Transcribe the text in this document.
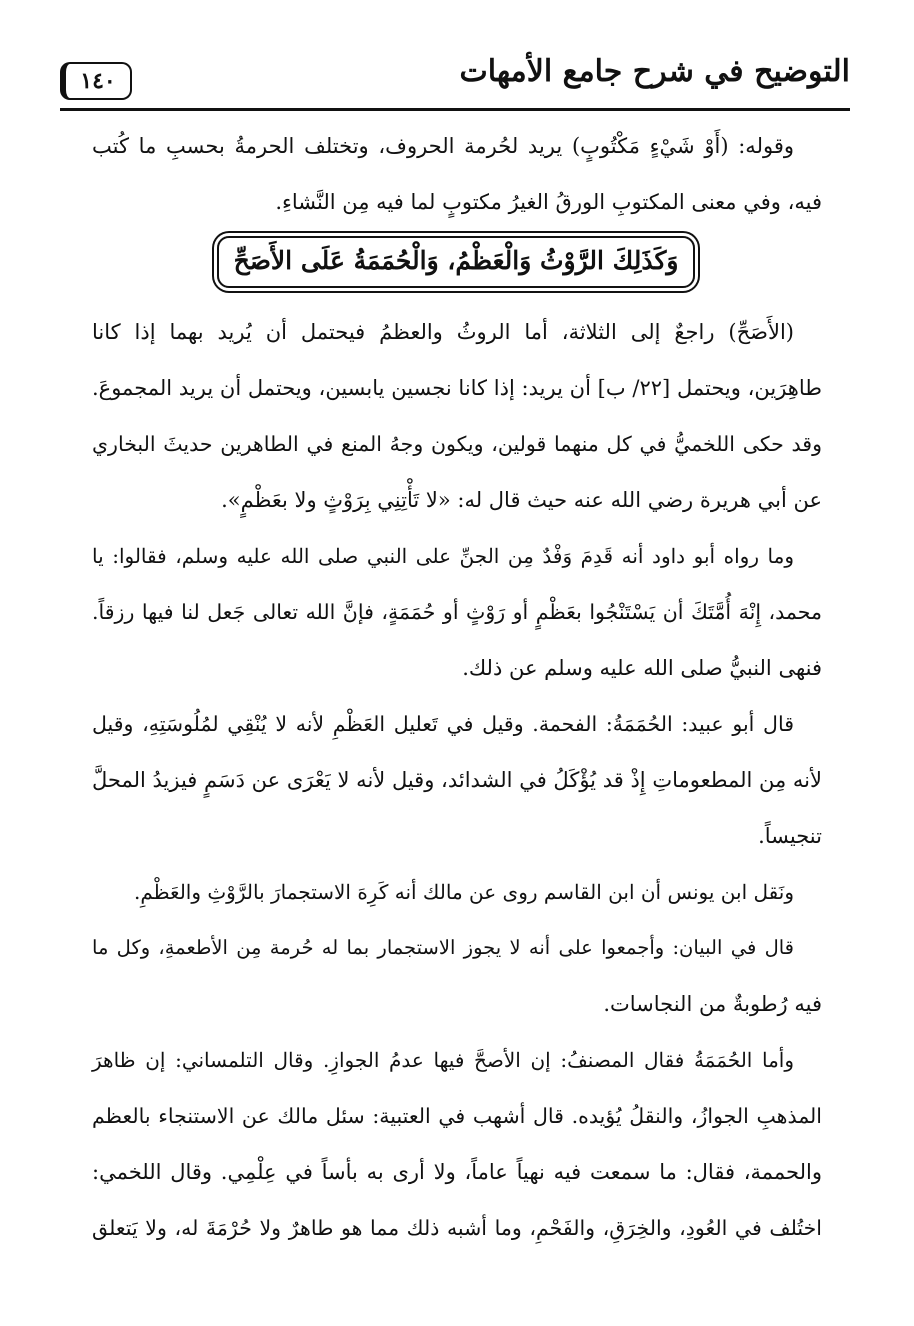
التوضيح في شرح جامع الأمهات
١٤٠
وقوله: (أَوْ شَيْءٍ مَكْتُوبٍ) يريد لحُرمة الحروف، وتختلف الحرمةُ بحسبِ ما كُتب
فيه، وفي معنى المكتوبِ الورقُ الغيرُ مكتوبٍ لما فيه مِن النَّشاءِ.
وَكَذَلِكَ الرَّوْثُ وَالْعَظْمُ، وَالْحُمَمَةُ عَلَى الأَصَحِّ
(الأَصَحِّ) راجعٌ إلى الثلاثة، أما الروثُ والعظمُ فيحتمل أن يُريد بهما إذا كانا
طاهِرَين، ويحتمل [٢٢/ ب] أن يريد: إذا كانا نجسين يابسين، ويحتمل أن يريد المجموعَ.
وقد حكى اللخميُّ في كل منهما قولين، ويكون وجهُ المنع في الطاهرين حديثَ البخاري
عن أبي هريرة رضي الله عنه حيث قال له: «لا تَأْتِنِي بِرَوْثٍ ولا بعَظْمٍ».
وما رواه أبو داود أنه قَدِمَ وَفْدٌ مِن الجنِّ على النبي صلى الله عليه وسلم، فقالوا: يا
محمد، إِنْهَ أُمَّتَكَ أن يَسْتَنْجُوا بعَظْمٍ أو رَوْثٍ أو حُمَمَةٍ، فإنَّ الله تعالى جَعل لنا فيها رزقاً.
فنهى النبيُّ صلى الله عليه وسلم عن ذلك.
قال أبو عبيد: الحُمَمَةُ: الفحمة. وقيل في تَعليل العَظْمِ لأنه لا يُنْقِي لمُلُوسَتِهِ، وقيل
لأنه مِن المطعوماتِ إِذْ قد يُؤْكَلُ في الشدائد، وقيل لأنه لا يَعْرَى عن دَسَمٍ فيزيدُ المحلَّ
تنجيساً.
ونَقل ابن يونس أن ابن القاسم روى عن مالك أنه كَرِهَ الاستجمارَ بالرَّوْثِ والعَظْمِ.
قال في البيان: وأجمعوا على أنه لا يجوز الاستجمار بما له حُرمة مِن الأطعمةِ، وكل ما
فيه رُطوبةٌ من النجاسات.
وأما الحُمَمَةُ فقال المصنفُ: إن الأصحَّ فيها عدمُ الجوازِ. وقال التلمساني: إن ظاهرَ
المذهبِ الجوازُ، والنقلُ يُؤيده. قال أشهب في العتبية: سئل مالك عن الاستنجاء بالعظم
والحممة، فقال: ما سمعت فيه نهياً عاماً، ولا أرى به بأساً في عِلْمِي. وقال اللخمي:
اختُلف في العُودِ، والخِرَقِ، والفَحْمِ، وما أشبه ذلك مما هو طاهرٌ ولا حُرْمَةَ له، ولا يَتعلق
